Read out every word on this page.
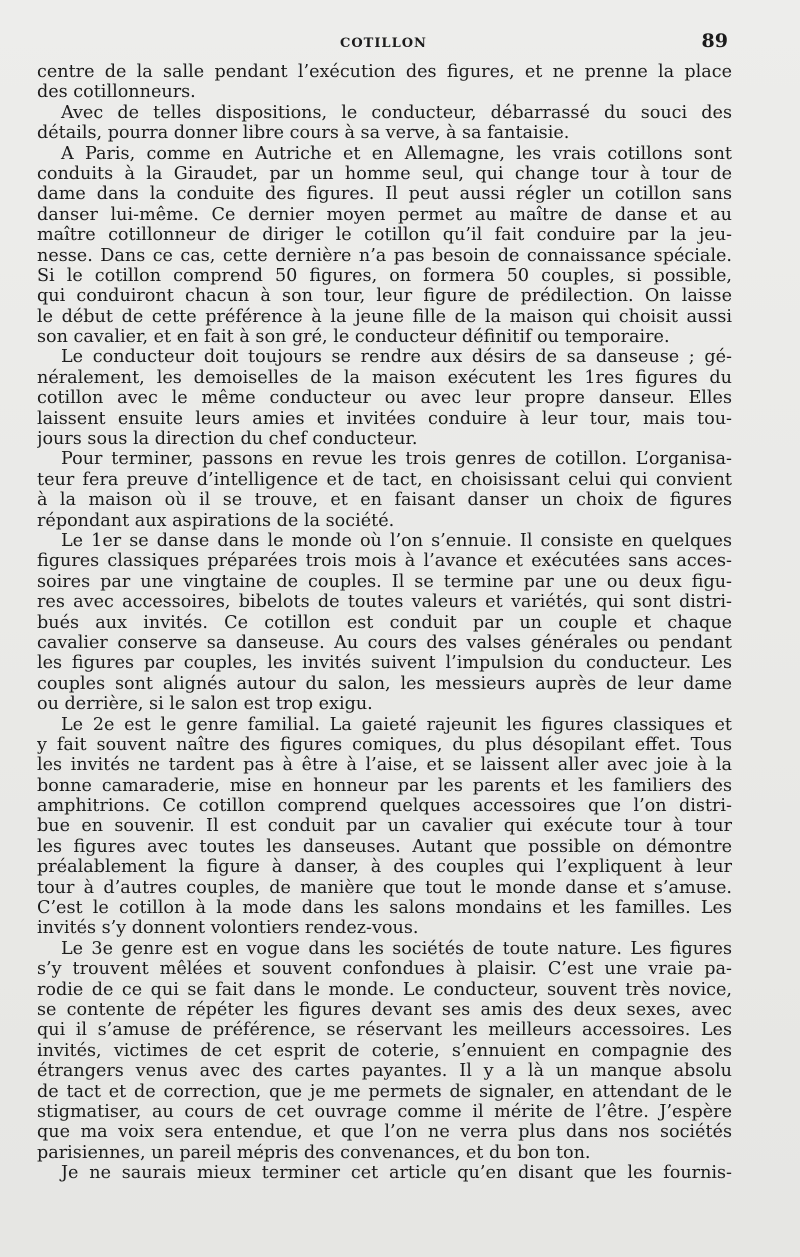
COTILLON	89
centre de la salle pendant l’exécution des figures, et ne prenne la place
des cotillonneurs.
Avec de telles dispositions, le conducteur, débarrassé du souci des
détails, pourra donner libre cours à sa verve, à sa fantaisie.
A Paris, comme en Autriche et en Allemagne, les vrais cotillons sont
conduits à la Giraudet, par un homme seul, qui change tour à tour de
dame dans la conduite des figures. Il peut aussi régler un cotillon sans
danser lui-même. Ce dernier moyen permet au maître de danse et au
maître cotillonneur de diriger le cotillon qu’il fait conduire par la jeu-
nesse. Dans ce cas, cette dernière n’a pas besoin de connaissance spéciale.
Si le cotillon comprend 50 figures, on formera 50 couples, si possible,
qui conduiront chacun à son tour, leur figure de prédilection. On laisse
le début de cette préférence à la jeune fille de la maison qui choisit aussi
son cavalier, et en fait à son gré, le conducteur définitif ou temporaire.
Le conducteur doit toujours se rendre aux désirs de sa danseuse ; gé-
néralement, les demoiselles de la maison exécutent les 1res figures du
cotillon avec le même conducteur ou avec leur propre danseur. Elles
laissent ensuite leurs amies et invitées conduire à leur tour, mais tou-
jours sous la direction du chef conducteur.
Pour terminer, passons en revue les trois genres de cotillon. L’organisa-
teur fera preuve d’intelligence et de tact, en choisissant celui qui convient
à la maison où il se trouve, et en faisant danser un choix de figures
répondant aux aspirations de la société.
Le 1er se danse dans le monde où l’on s’ennuie. Il consiste en quelques
figures classiques préparées trois mois à l’avance et exécutées sans acces-
soires par une vingtaine de couples. Il se termine par une ou deux figu-
res avec accessoires, bibelots de toutes valeurs et variétés, qui sont distri-
bués aux invités. Ce cotillon est conduit par un couple et chaque
cavalier conserve sa danseuse. Au cours des valses générales ou pendant
les figures par couples, les invités suivent l’impulsion du conducteur. Les
couples sont alignés autour du salon, les messieurs auprès de leur dame
ou derrière, si le salon est trop exigu.
Le 2e est le genre familial. La gaieté rajeunit les figures classiques et
y fait souvent naître des figures comiques, du plus désopilant effet. Tous
les invités ne tardent pas à être à l’aise, et se laissent aller avec joie à la
bonne camaraderie, mise en honneur par les parents et les familiers des
amphitrions. Ce cotillon comprend quelques accessoires que l’on distri-
bue en souvenir. Il est conduit par un cavalier qui exécute tour à tour
les figures avec toutes les danseuses. Autant que possible on démontre
préalablement la figure à danser, à des couples qui l’expliquent à leur
tour à d’autres couples, de manière que tout le monde danse et s’amuse.
C’est le cotillon à la mode dans les salons mondains et les familles. Les
invités s’y donnent volontiers rendez-vous.
Le 3e genre est en vogue dans les sociétés de toute nature. Les figures
s’y trouvent mêlées et souvent confondues à plaisir. C’est une vraie pa-
rodie de ce qui se fait dans le monde. Le conducteur, souvent très novice,
se contente de répéter les figures devant ses amis des deux sexes, avec
qui il s’amuse de préférence, se réservant les meilleurs accessoires. Les
invités, victimes de cet esprit de coterie, s’ennuient en compagnie des
étrangers venus avec des cartes payantes. Il y a là un manque absolu
de tact et de correction, que je me permets de signaler, en attendant de le
stigmatiser, au cours de cet ouvrage comme il mérite de l’être. J’espère
que ma voix sera entendue, et que l’on ne verra plus dans nos sociétés
parisiennes, un pareil mépris des convenances, et du bon ton.
Je ne saurais mieux terminer cet article qu’en disant que les fournis-
